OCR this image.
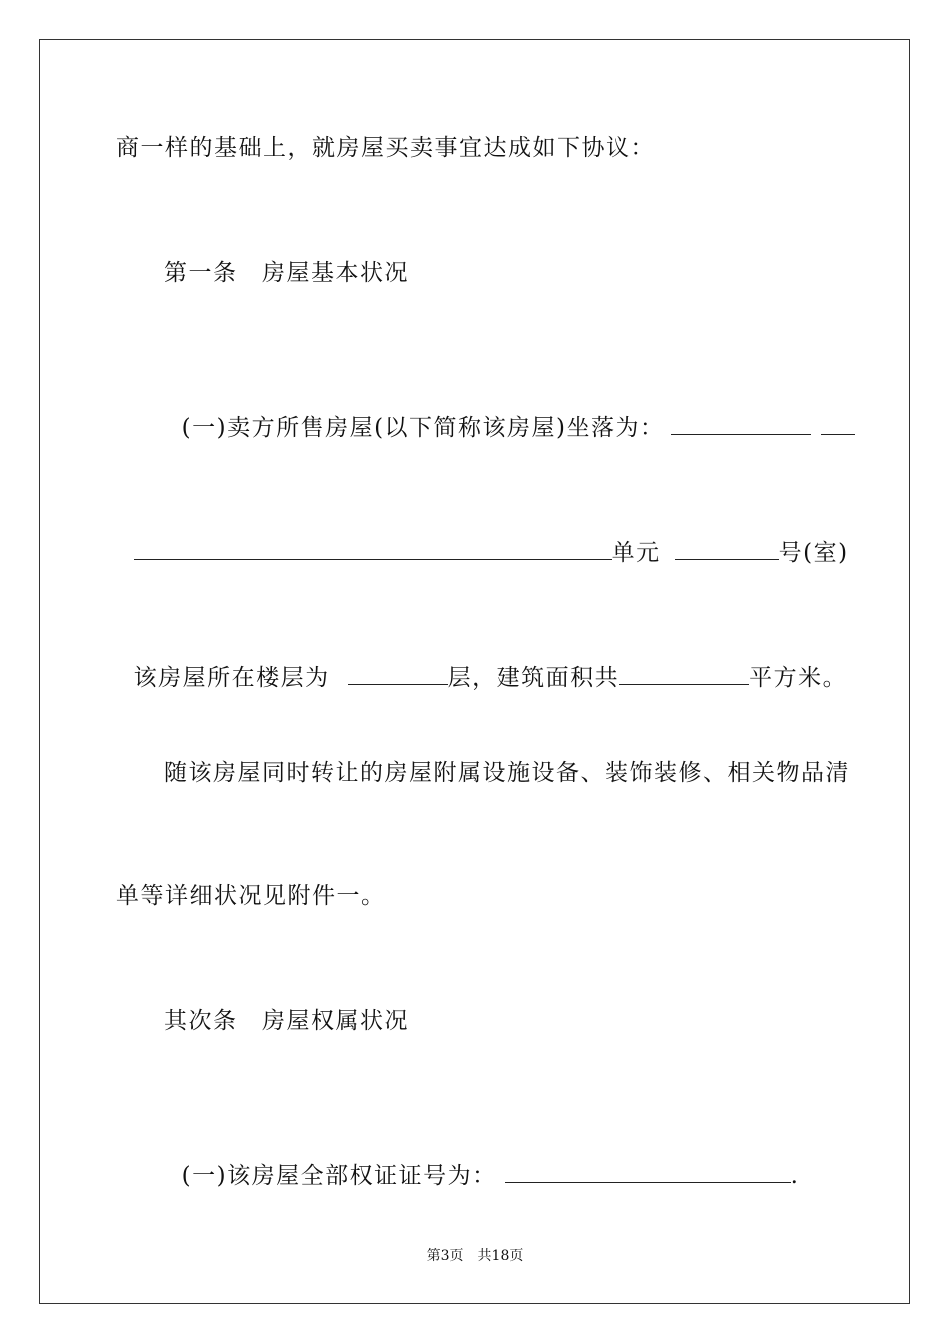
商一样的基础上，就房屋买卖事宜达成如下协议：
第一条　房屋基本状况

(一)卖方所售房屋(以下简称该房屋)坐落为：

单元	号(室)

该房屋所在楼层为	层，建筑面积共	平方米。

随该房屋同时转让的房屋附属设施设备、装饰装修、相关物品清
单等详细状况见附件一。
其次条　房屋权属状况

(一)该房屋全部权证证号为：	.

第3页　共18页
